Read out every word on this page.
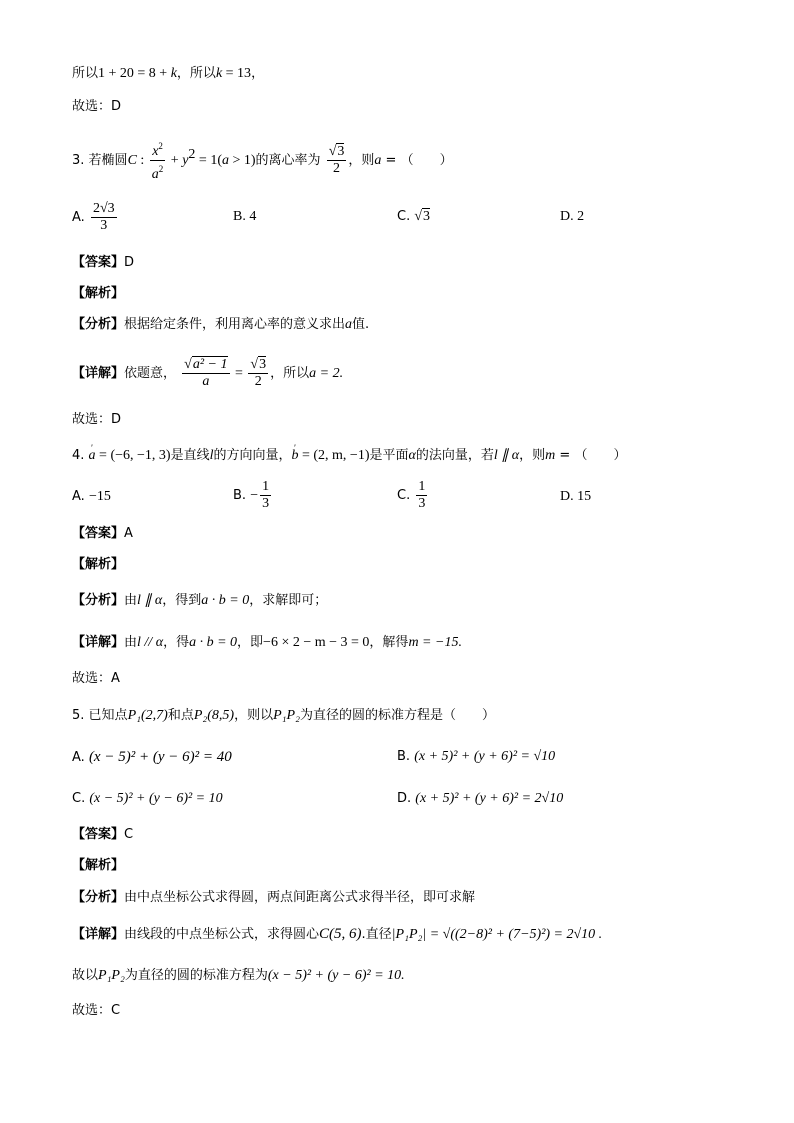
所以1 + 20 = 8 + k，所以k = 13，
故选：D
3. 若椭圆C : $\frac{x^2}{a^2} + y^2 = 1(a > 1)$的离心率为 $\frac{√3}{2}$ ，则a = （　　）
A. $\frac{2√3}{3}$	B. 4	C. √3	D. 2
【答案】D
【解析】
【分析】根据给定条件，利用离心率的意义求出a值.
【详解】依题意， $\frac{\text{√a² − 1}}{a} = \frac{√3}{2}$ ，所以a = 2.
故选：D
4. ' a = (−6, −1, 3)是直线l的方向向量，' b = (2, m, −1)是平面α的法向量，若l ∥ α，则m = （　　）
A. −15	B. − $\frac{1}{3}$	C. $\frac{1}{3}$	D. 15
【答案】A
【解析】
【分析】由l ∥ α，得到a · b = 0，求解即可；
【详解】由l // α，得a · b = 0，即−6 × 2 − m − 3 = 0，解得m = −15.
故选：A
5. 已知点P₁(2,7)和点P₂(8,5)，则以P₁P₂为直径的圆的标准方程是（　　）
A. (x − 5)² + (y − 6)² = 40	B. (x + 5)² + (y + 6)² = √10
C. (x − 5)² + (y − 6)² = 10	D. (x + 5)² + (y + 6)² = 2√10
【答案】C
【解析】
【分析】由中点坐标公式求得圆，两点间距离公式求得半径，即可求解
【详解】由线段的中点坐标公式，求得圆心C(5, 6).直径|P₁P₂| = √((2−8)² + (7−5)²) = 2√10 .
故以P₁P₂为直径的圆的标准方程为(x − 5)² + (y − 6)² = 10.
故选：C
